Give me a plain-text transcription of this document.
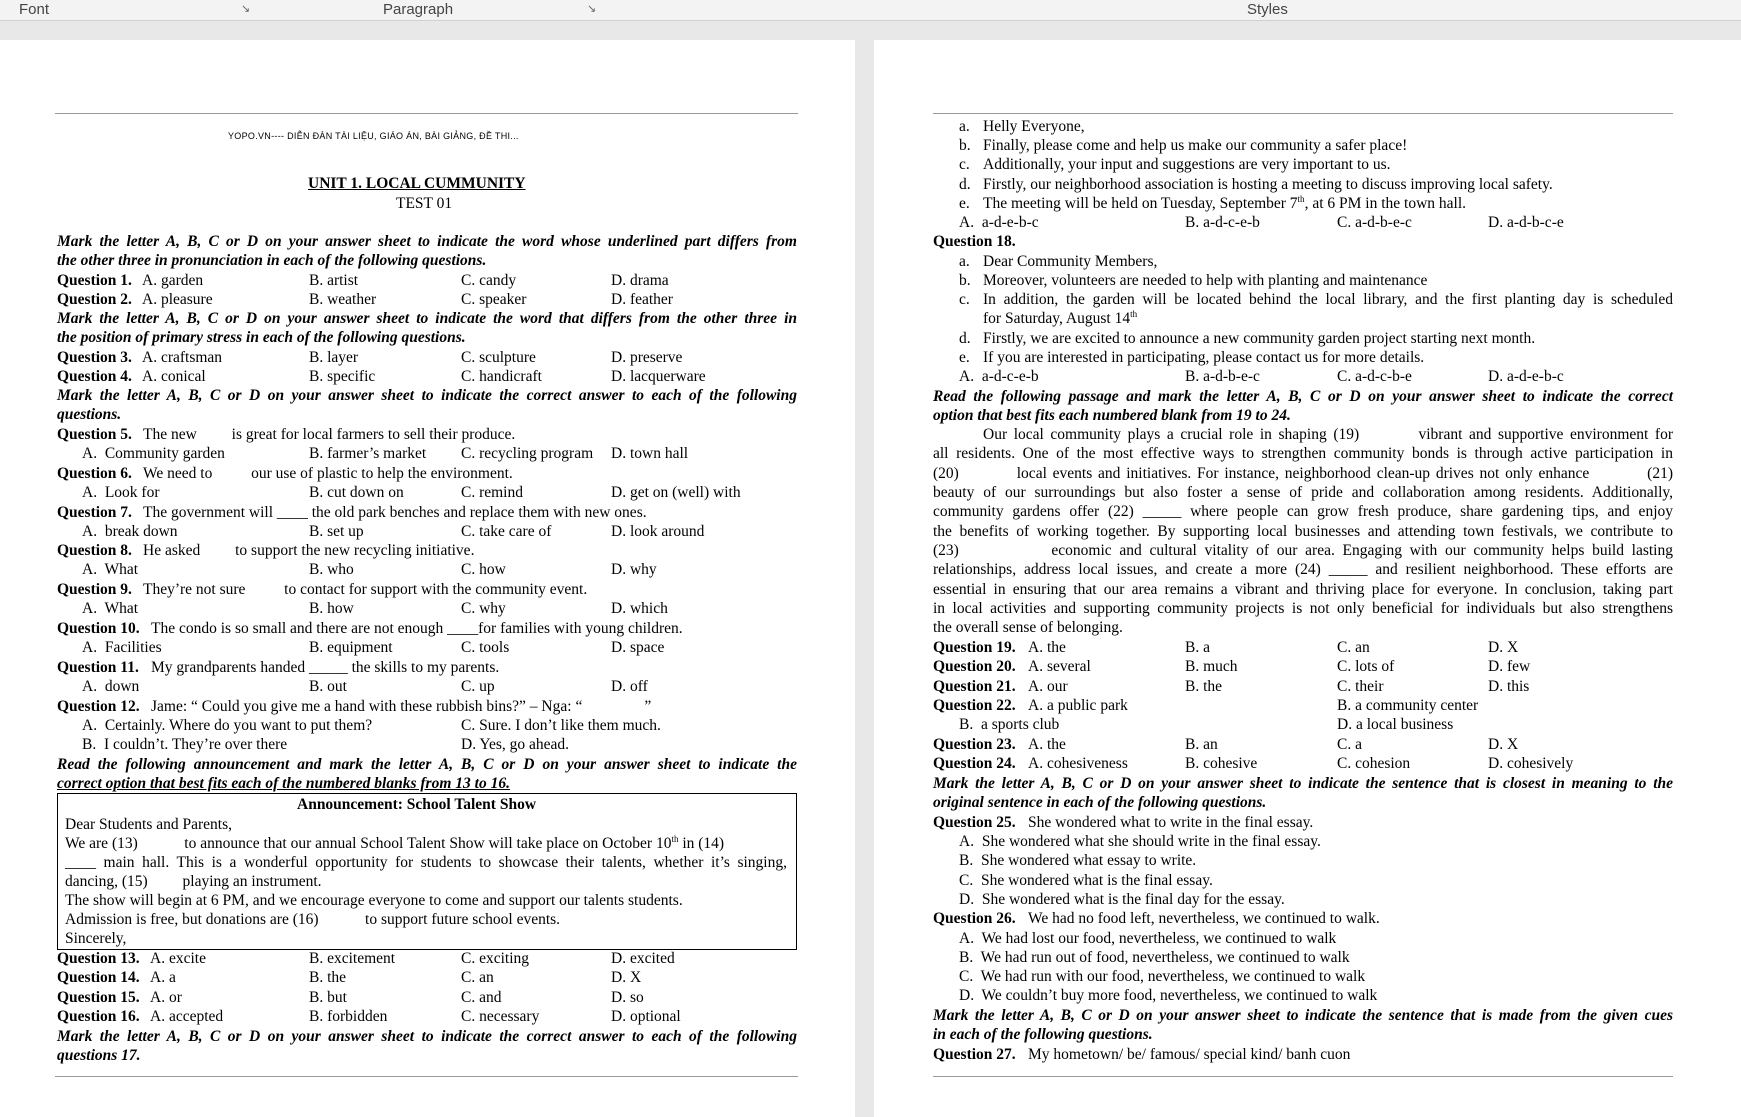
Font	↘	Paragraph	↘	Styles
YOPO.VN---- DIỄN ĐÀN TÀI LIỆU, GIÁO ÁN, BÀI GIẢNG, ĐỀ THI...
UNIT 1. LOCAL CUMMUNITY
TEST 01
Mark the letter A, B, C or D on your answer sheet to indicate the word whose underlined part differs from
the other three in pronunciation in each of the following questions.
Question 1. A. garden	B. artist	C. candy	D. drama
Question 2. A. pleasure	B. weather	C. speaker	D. feather
Mark the letter A, B, C or D on your answer sheet to indicate the word that differs from the other three in
the position of primary stress in each of the following questions.
Question 3. A. craftsman	B. layer	C. sculpture	D. preserve
Question 4. A. conical	B. specific	C. handicraft	D. lacquerware
Mark the letter A, B, C or D on your answer sheet to indicate the correct answer to each of the following
questions.
Question 5. The new         is great for local farmers to sell their produce.
A.  Community garden	B. farmer’s market C. recycling program D. town hall
Question 6. We need to          our use of plastic to help the environment.
A.  Look for	B. cut down on	C. remind	D. get on (well) with
Question 7. The government will ____ the old park benches and replace them with new ones.
A.  break down	B. set up	C. take care of	D. look around
Question 8. He asked         to support the new recycling initiative.
A.  What	B. who	C. how	D. why
Question 9. They’re not sure          to contact for support with the community event.
A.  What	B. how	C. why	D. which
Question 10. The condo is so small and there are not enough ____for families with young children.
A.  Facilities	B. equipment	C. tools	D. space
Question 11. My grandparents handed _____ the skills to my parents.
A.  down	B. out	C. up	D. off
Question 12. Jame: “ Could you give me a hand with these rubbish bins?” – Nga: “                ”
A.  Certainly. Where do you want to put them?	C. Sure. I don’t like them much.
B.  I couldn’t. They’re over there	D. Yes, go ahead.
Read the following announcement and mark the letter A, B, C or D on your answer sheet to indicate the
correct option that best fits each of the numbered blanks from 13 to 16.
Announcement: School Talent Show
Dear Students and Parents,
We are (13)            to announce that our annual School Talent Show will take place on October 10th in (14)
____ main hall. This is a wonderful opportunity for students to showcase their talents, whether it’s singing,
dancing, (15)         playing an instrument.
The show will begin at 6 PM, and we encourage everyone to come and support our talents students.
Admission is free, but donations are (16)            to support future school events.
Sincerely,
Question 13. A. excite	B. excitement	C. exciting	D. excited
Question 14. A. a	B. the	C. an	D. X
Question 15. A. or	B. but	C. and	D. so
Question 16. A. accepted	B. forbidden	C. necessary	D. optional
Mark the letter A, B, C or D on your answer sheet to indicate the correct answer to each of the following
questions 17.
a. Helly Everyone,
b. Finally, please come and help us make our community a safer place!
c. Additionally, your input and suggestions are very important to us.
d. Firstly, our neighborhood association is hosting a meeting to discuss improving local safety.
e. The meeting will be held on Tuesday, September 7th, at 6 PM in the town hall.
A.  a-d-e-b-c	B. a-d-c-e-b	C. a-d-b-e-c	D. a-d-b-c-e
Question 18.
a. Dear Community Members,
b. Moreover, volunteers are needed to help with planting and maintenance
c. In addition, the garden will be located behind the local library, and the first planting day is scheduled
for Saturday, August 14th
d. Firstly, we are excited to announce a new community garden project starting next month.
e. If you are interested in participating, please contact us for more details.
A.  a-d-c-e-b	B. a-d-b-e-c	C. a-d-c-b-e	D. a-d-e-b-c
Read the following passage and mark the letter A, B, C or D on your answer sheet to indicate the correct
option that best fits each numbered blank from 19 to 24.
Our local community plays a crucial role in shaping (19)         vibrant and supportive environment for
all residents. One of the most effective ways to strengthen community bonds is through active participation in
(20)          local events and initiatives. For instance, neighborhood clean-up drives not only enhance          (21)
beauty of our surroundings but also foster a sense of pride and collaboration among residents. Additionally,
community gardens offer (22) _____ where people can grow fresh produce, share gardening tips, and enjoy
the benefits of working together. By supporting local businesses and attending town festivals, we contribute to
(23)            economic and cultural vitality of our area. Engaging with our community helps build lasting
relationships, address local issues, and create a more (24) _____ and resilient neighborhood. These efforts are
essential in ensuring that our area remains a vibrant and thriving place for everyone. In conclusion, taking part
in local activities and supporting community projects is not only beneficial for individuals but also strengthens
the overall sense of belonging.
Question 19. A. the	B. a	C. an	D. X
Question 20. A. several	B. much	C. lots of	D. few
Question 21. A. our	B. the	C. their	D. this
Question 22. A. a public park	B. a community center
B.  a sports club	D. a local business
Question 23. A. the	B. an	C. a	D. X
Question 24. A. cohesiveness	B. cohesive	C. cohesion	D. cohesively
Mark the letter A, B, C or D on your answer sheet to indicate the sentence that is closest in meaning to the
original sentence in each of the following questions.
Question 25. She wondered what to write in the final essay.
A.  She wondered what she should write in the final essay.
B.  She wondered what essay to write.
C.  She wondered what is the final essay.
D.  She wondered what is the final day for the essay.
Question 26. We had no food left, nevertheless, we continued to walk.
A.  We had lost our food, nevertheless, we continued to walk
B.  We had run out of food, nevertheless, we continued to walk
C.  We had run with our food, nevertheless, we continued to walk
D.  We couldn’t buy more food, nevertheless, we continued to walk
Mark the letter A, B, C or D on your answer sheet to indicate the sentence that is made from the given cues
in each of the following questions.
Question 27. My hometown/ be/ famous/ special kind/ banh cuon
